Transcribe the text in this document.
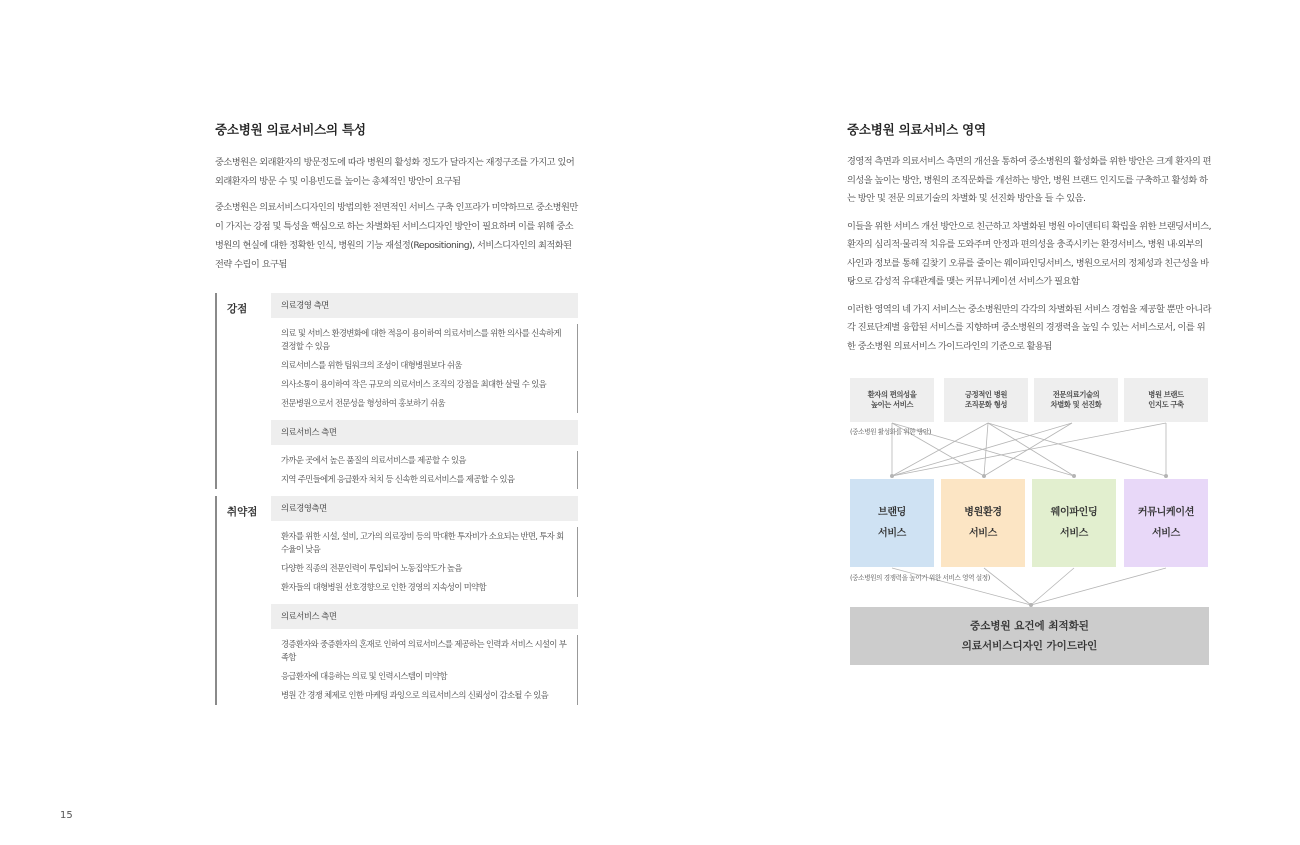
15
중소병원 의료서비스의 특성

중소병원은 외래환자의 방문정도에 따라 병원의 활성화 정도가 달라지는 재정구조를 가지고 있어 외래환자의 방문 수 및 이용빈도를 높이는 총체적인 방안이 요구됨

중소병원은 의료서비스디자인의 방법의한 전면적인 서비스 구축 인프라가 미약하므로 중소병원만이 가지는 강점 및 특성을 핵심으로 하는 차별화된 서비스디자인 방안이 필요하며 이를 위해 중소병원의 현실에 대한 정확한 인식, 병원의 기능 재설정(Repositioning), 서비스디자인의 최적화된 전략 수립이 요구됨

강점	의료경영 측면
의료 및 서비스 환경변화에 대한 적응이 용이하여 의료서비스를 위한 의사를 신속하게 결정할 수 있음
의료서비스를 위한 팀워크의 조성이 대형병원보다 쉬움
의사소통이 용이하여 작은 규모의 의료서비스 조직의 강점을 최대한 살릴 수 있음
전문병원으로서 전문성을 형성하여 홍보하기 쉬움
의료서비스 측면
가까운 곳에서 높은 품질의 의료서비스를 제공할 수 있음
지역 주민들에게 응급환자 처치 등 신속한 의료서비스를 제공할 수 있음
취약점	의료경영측면
환자를 위한 시설, 설비, 고가의 의료장비 등의 막대한 투자비가 소요되는 반면, 투자 회수율이 낮음
다양한 직종의 전문인력이 투입되어 노동집약도가 높음
환자들의 대형병원 선호경향으로 인한 경영의 지속성이 미약함
의료서비스 측면
경증환자와 중증환자의 혼재로 인하여 의료서비스를 제공하는 인력과 서비스 시설이 부족함
응급환자에 대응하는 의료 및 인력시스템이 미약함
병원 간 경쟁 체제로 인한 마케팅 과잉으로 의료서비스의 신뢰성이 감소될 수 있음
중소병원 의료서비스 영역

경영적 측면과 의료서비스 측면의 개선을 통하여 중소병원의 활성화를 위한 방안은 크게 환자의 편의성을 높이는 방안, 병원의 조직문화를 개선하는 방안, 병원 브랜드 인지도를 구축하고 활성화 하는 방안 및 전문 의료기술의 차별화 및 선진화 방안을 들 수 있음.

이들을 위한 서비스 개선 방안으로 친근하고 차별화된 병원 아이덴티티 확립을 위한 브랜딩서비스, 환자의 심리적·물리적 치유를 도와주며 안정과 편의성을 충족시키는 환경서비스, 병원 내·외부의 사인과 정보를 통해 길찾기 오류를 줄이는 웨이파인딩서비스, 병원으로서의 정체성과 친근성을 바탕으로 감성적 유대관계를 맺는 커뮤니케이션 서비스가 필요함

이러한 영역의 네 가지 서비스는 중소병원만의 각각의 차별화된 서비스 경험을 제공할 뿐만 아니라 각 진료단계별 융합된 서비스를 지향하며 중소병원의 경쟁력을 높일 수 있는 서비스로서, 이를 위한 중소병원 의료서비스 가이드라인의 기준으로 활용됨

환자의 편의성을
높이는 서비스
긍정적인 병원
조직문화 형성
전문의료기술의
차별화 및 선진화
병원 브랜드
인지도 구축
(중소병원 활성화를 위한 방안)
브랜딩
서비스
병원환경
서비스
웨이파인딩
서비스
커뮤니케이션
서비스
(중소병원의 경쟁력을 높이기 위한 서비스 영역 설정)
중소병원 요건에 최적화된
의료서비스디자인 가이드라인
